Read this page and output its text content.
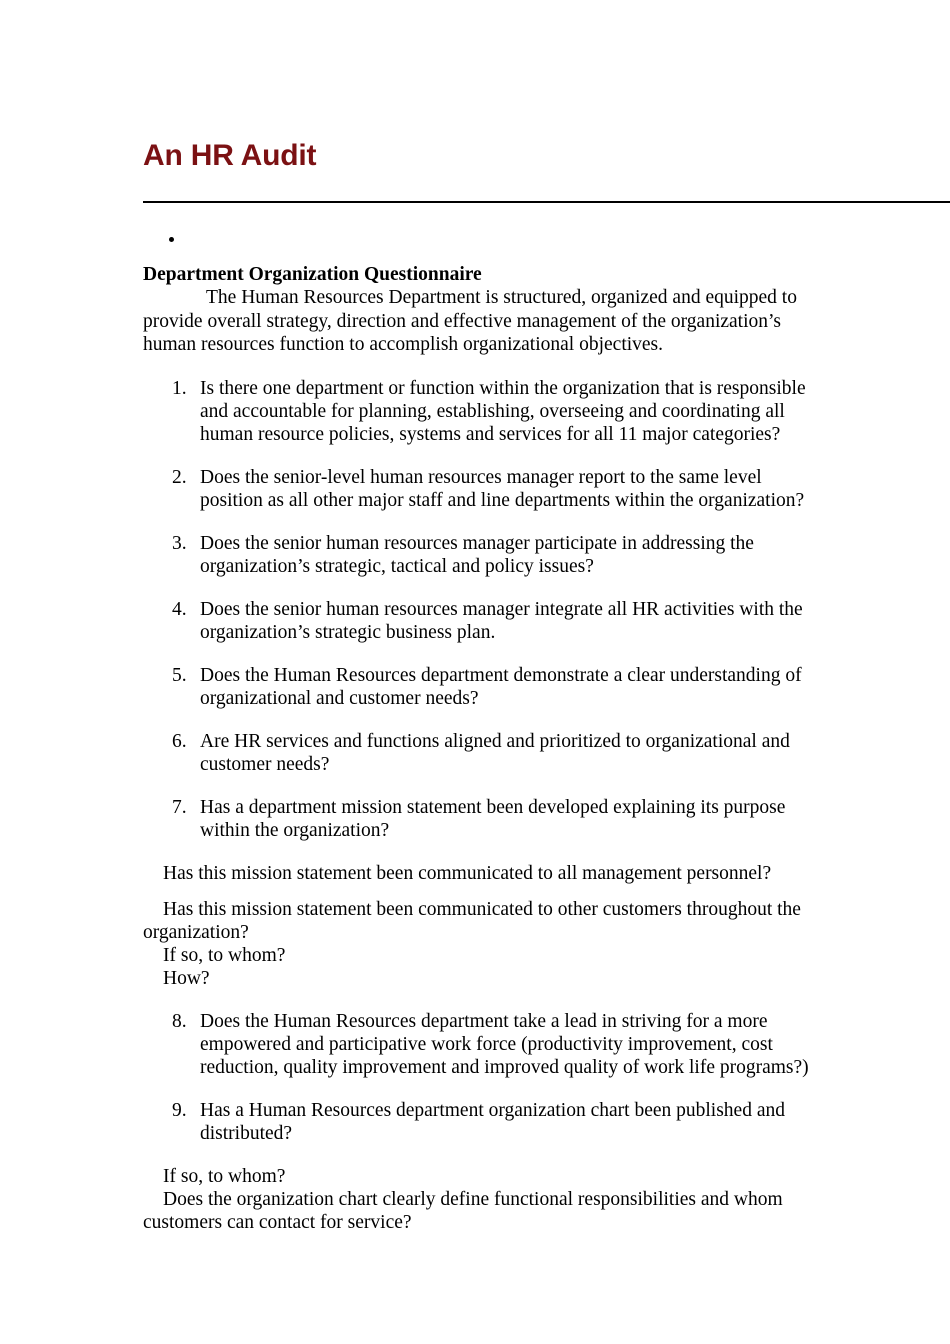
An HR Audit
•

Department Organization Questionnaire

The Human Resources Department is structured, organized and equipped to provide overall strategy, direction and effective management of the organization’s human resources function to accomplish organizational objectives.

1. Is there one department or function within the organization that is responsible and accountable for planning, establishing, overseeing and coordinating all human resource policies, systems and services for all 11 major categories?
2. Does the senior-level human resources manager report to the same level position as all other major staff and line departments within the organization?
3. Does the senior human resources manager participate in addressing the organization’s strategic, tactical and policy issues?
4. Does the senior human resources manager integrate all HR activities with the organization’s strategic business plan.
5. Does the Human Resources department demonstrate a clear understanding of organizational and customer needs?
6. Are HR services and functions aligned and prioritized to organizational and customer needs?
7. Has a department mission statement been developed explaining its purpose within the organization?

Has this mission statement been communicated to all management personnel?

Has this mission statement been communicated to other customers throughout the organization?

If so, to whom?

How?

8. Does the Human Resources department take a lead in striving for a more empowered and participative work force (productivity improvement, cost reduction, quality improvement and improved quality of work life programs?)
9. Has a Human Resources department organization chart been published and distributed?

If so, to whom?

Does the organization chart clearly define functional responsibilities and whom customers can contact for service?
